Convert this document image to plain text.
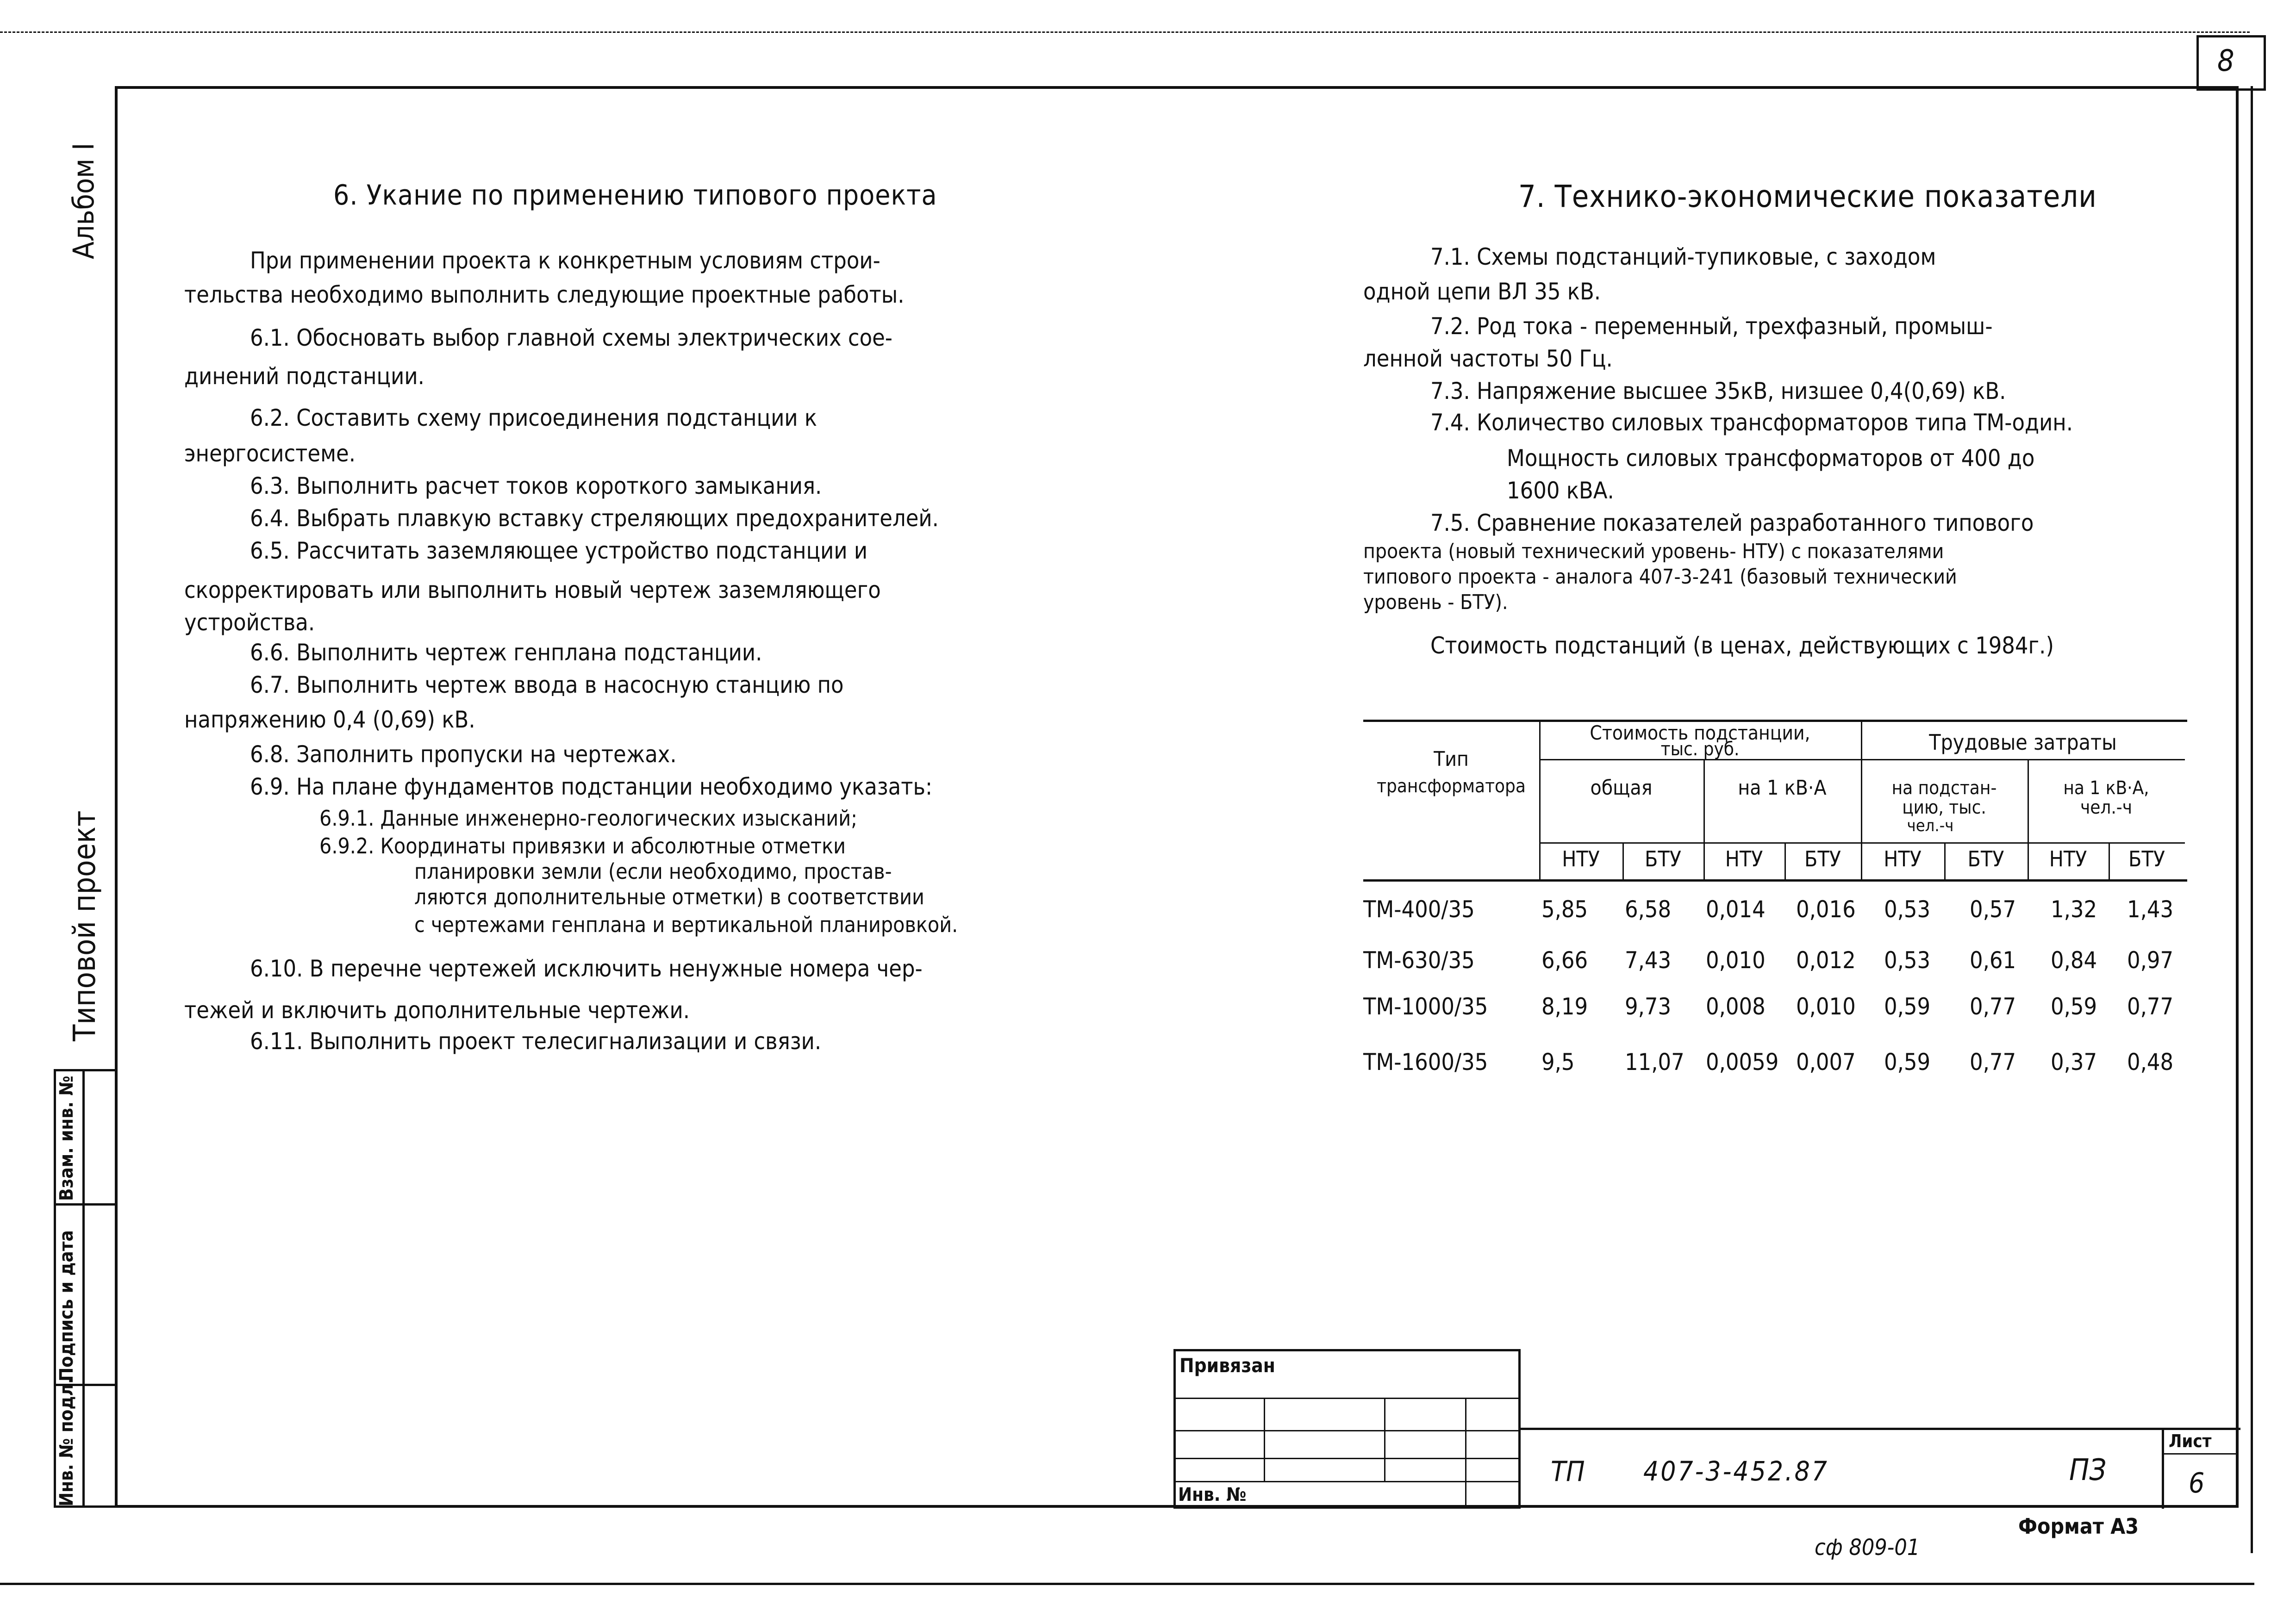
8
Альбом I
Типовой проект
Инв. № подл.
Подпись и дата
Взам. инв. №
6. Укание по применению типового проекта
При применении проекта к конкретным условиям строи-
тельства необходимо выполнить следующие проектные работы.
6.1. Обосновать выбор главной схемы электрических сое-
динений подстанции.
6.2. Составить схему присоединения подстанции к
энергосистеме.
6.3. Выполнить расчет токов короткого замыкания.
6.4. Выбрать плавкую вставку стреляющих предохранителей.
6.5. Рассчитать заземляющее устройство подстанции и
скорректировать или выполнить новый чертеж заземляющего
устройства.
6.6. Выполнить чертеж генплана подстанции.
6.7. Выполнить чертеж ввода в насосную станцию по
напряжению 0,4 (0,69) кВ.
6.8. Заполнить пропуски на чертежах.
6.9. На плане фундаментов подстанции необходимо указать:
6.9.1. Данные инженерно-геологических изысканий;
6.9.2. Координаты привязки и абсолютные отметки
планировки земли (если необходимо, простав-
ляются дополнительные отметки) в соответствии
с чертежами генплана и вертикальной планировкой.
6.10. В перечне чертежей исключить ненужные номера чер-
тежей и включить дополнительные чертежи.
6.11. Выполнить проект телесигнализации и связи.
7. Технико-экономические показатели
7.1. Схемы подстанций-тупиковые, с заходом
одной цепи ВЛ 35 кВ.
7.2. Род тока - переменный, трехфазный, промыш-
ленной частоты 50 Гц.
7.3. Напряжение высшее 35кВ, низшее 0,4(0,69) кВ.
7.4. Количество силовых трансформаторов типа ТМ-один.
Мощность силовых трансформаторов от 400 до
1600 кВА.
7.5. Сравнение показателей разработанного типового
проекта (новый технический уровень- НТУ) с показателями
типового проекта - аналога 407-3-241 (базовый технический
уровень - БТУ).
Стоимость подстанций (в ценах, действующих с 1984г.)
Тип
трансформатора
Стоимость подстанции,
тыс. руб.	Трудовые затраты
общая	на 1 кВ·А	на подстан-
цию, тыс.
чел.-ч
на 1 кВ·А,
чел.-ч
НТУ	БТУ	НТУ	БТУ	НТУ	БТУ	НТУ	БТУ
ТМ-400/35	5,85 6,58 0,014 0,016 0,53 0,57 1,32 1,43
ТМ-630/35	6,66 7,43 0,010 0,012 0,53 0,61 0,84 0,97
ТМ-1000/35 8,19 9,73 0,008 0,010 0,59 0,77 0,59 0,77
ТМ-1600/35 9,5 11,07 0,0059 0,007 0,59 0,77 0,37 0,48
Привязан
Инв. №
ТП 407-3-452.87	ПЗ
Лист
6
Формат А3
сф 809-01
